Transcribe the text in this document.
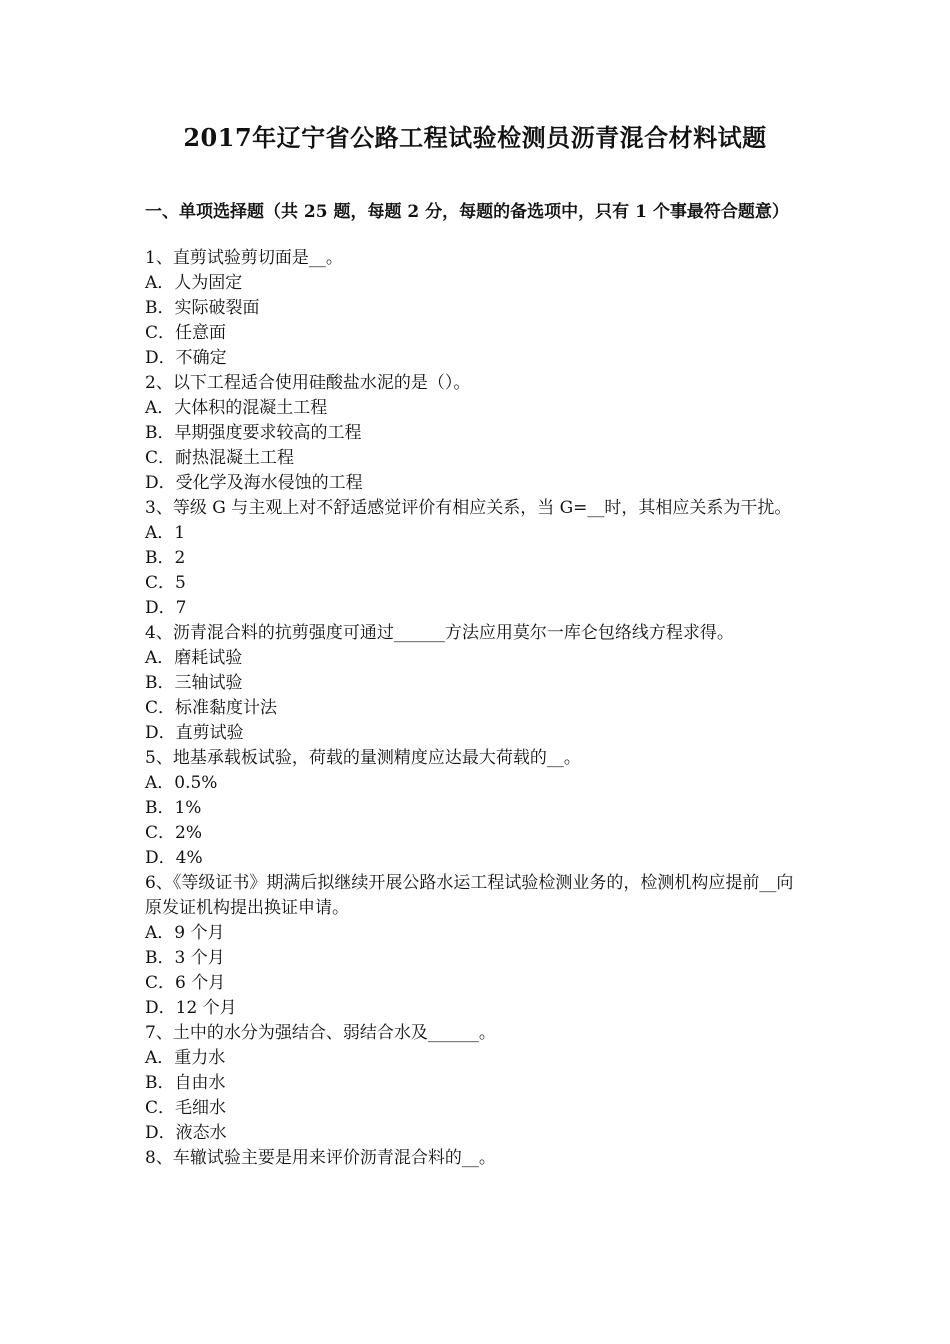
2017年辽宁省公路工程试验检测员沥青混合材料试题
一、单项选择题（共 25 题，每题 2 分，每题的备选项中，只有 1 个事最符合题意）

1、直剪试验剪切面是__。

A．人为固定

B．实际破裂面

C．任意面

D．不确定

2、以下工程适合使用硅酸盐水泥的是（）。

A．大体积的混凝土工程

B．早期强度要求较高的工程

C．耐热混凝土工程

D．受化学及海水侵蚀的工程

3、等级 G 与主观上对不舒适感觉评价有相应关系，当 G=__时，其相应关系为干扰。

A．1

B．2

C．5

D．7

4、沥青混合料的抗剪强度可通过______方法应用莫尔一库仑包络线方程求得。

A．磨耗试验

B．三轴试验

C．标准黏度计法

D．直剪试验

5、地基承载板试验，荷载的量测精度应达最大荷载的__。

A．0.5%

B．1%

C．2%

D．4%

6、《等级证书》期满后拟继续开展公路水运工程试验检测业务的，检测机构应提前__向原发证机构提出换证申请。

A．9 个月

B．3 个月

C．6 个月

D．12 个月

7、土中的水分为强结合、弱结合水及______。

A．重力水

B．自由水

C．毛细水

D．液态水

8、车辙试验主要是用来评价沥青混合料的__。
